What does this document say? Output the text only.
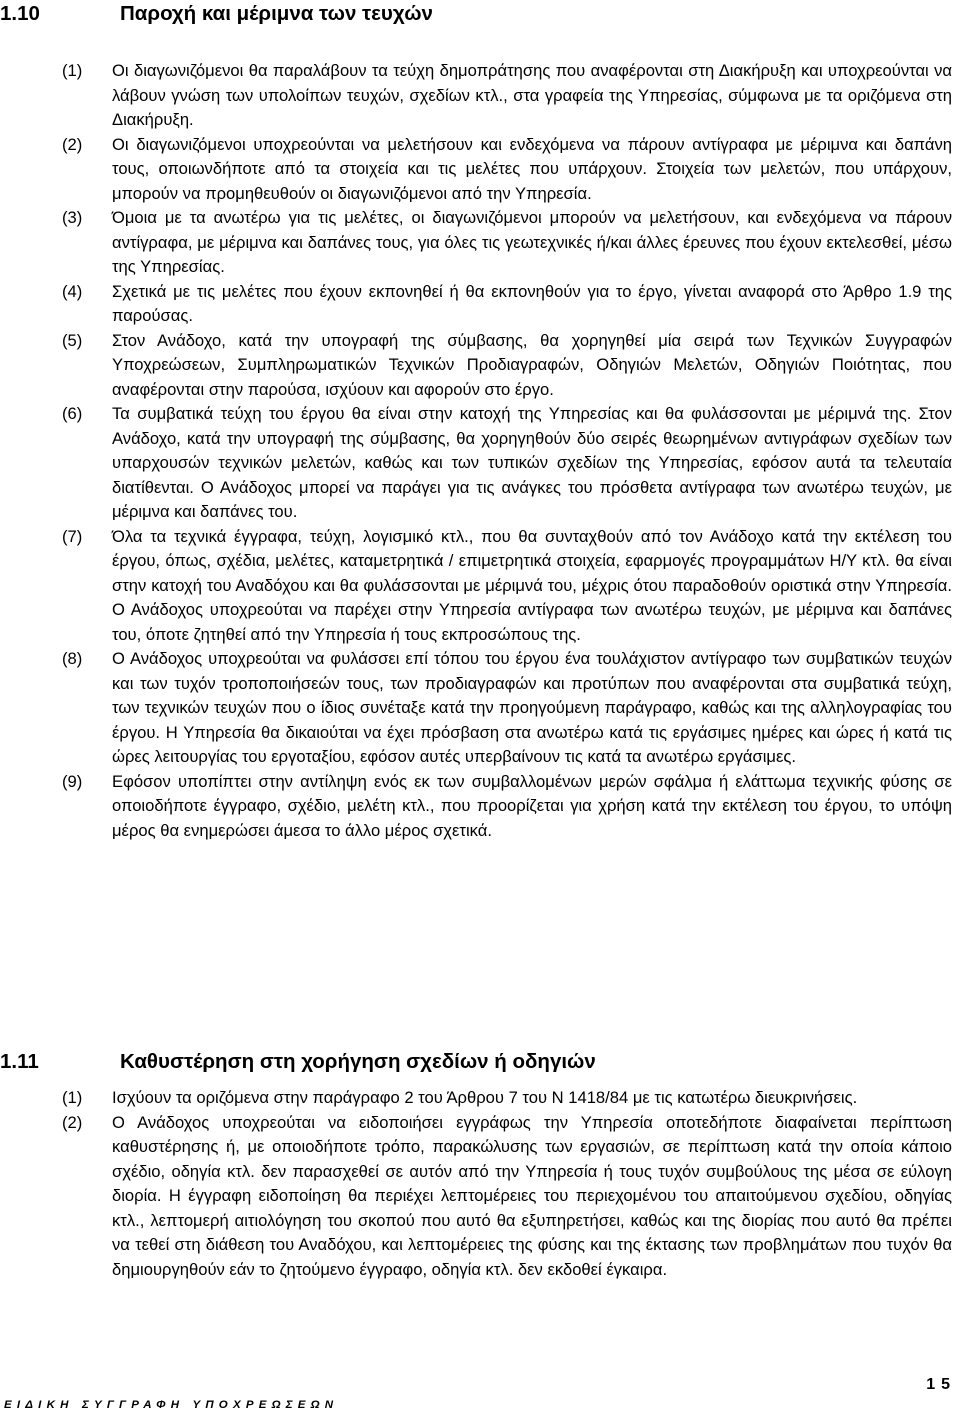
1.10	Παροχή και μέριμνα των τευχών
(1) Οι διαγωνιζόμενοι θα παραλάβουν τα τεύχη δημοπράτησης που αναφέρονται στη Διακήρυξη και υποχρεούνται να λάβουν γνώση των υπολοίπων τευχών, σχεδίων κτλ., στα γραφεία της Υπηρεσίας, σύμφωνα με τα οριζόμενα στη Διακήρυξη.
(2) Οι διαγωνιζόμενοι υποχρεούνται να μελετήσουν και ενδεχόμενα να πάρουν αντίγραφα με μέριμνα και δαπάνη τους, οποιωνδήποτε από τα στοιχεία και τις μελέτες που υπάρχουν. Στοιχεία των μελετών, που υπάρχουν, μπορούν να προμηθευθούν οι διαγωνιζόμενοι από την Υπηρεσία.
(3) Όμοια με τα ανωτέρω για τις μελέτες, οι διαγωνιζόμενοι μπορούν να μελετήσουν, και ενδεχόμενα να πάρουν αντίγραφα, με μέριμνα και δαπάνες τους, για όλες τις γεωτεχνικές ή/και άλλες έρευνες που έχουν εκτελεσθεί, μέσω της Υπηρεσίας.
(4) Σχετικά με τις μελέτες που έχουν εκπονηθεί ή θα εκπονηθούν για το έργο, γίνεται αναφορά στο Άρθρο 1.9 της παρούσας.
(5) Στον Ανάδοχο, κατά την υπογραφή της σύμβασης, θα χορηγηθεί μία σειρά των Τεχνικών Συγγραφών Υποχρεώσεων, Συμπληρωματικών Τεχνικών Προδιαγραφών, Οδηγιών Μελετών, Οδηγιών Ποιότητας, που αναφέρονται στην παρούσα, ισχύουν και αφορούν στο έργο.
(6) Τα συμβατικά τεύχη του έργου θα είναι στην κατοχή της Υπηρεσίας και θα φυλάσσονται με μέριμνά της. Στον Ανάδοχο, κατά την υπογραφή της σύμβασης, θα χορηγηθούν δύο σειρές θεωρημένων αντιγράφων σχεδίων των υπαρχουσών τεχνικών μελετών, καθώς και των τυπικών σχεδίων της Υπηρεσίας, εφόσον αυτά τα τελευταία διατίθενται. Ο Ανάδοχος μπορεί να παράγει για τις ανάγκες του πρόσθετα αντίγραφα των ανωτέρω τευχών, με μέριμνα και δαπάνες του.
(7) Όλα τα τεχνικά έγγραφα, τεύχη, λογισμικό κτλ., που θα συνταχθούν από τον Ανάδοχο κατά την εκτέλεση του έργου, όπως, σχέδια, μελέτες, καταμετρητικά / επιμετρητικά στοιχεία, εφαρμογές προγραμμάτων Η/Υ κτλ. θα είναι στην κατοχή του Αναδόχου και θα φυλάσσονται με μέριμνά του, μέχρις ότου παραδοθούν οριστικά στην Υπηρεσία. Ο Ανάδοχος υποχρεούται να παρέχει στην Υπηρεσία αντίγραφα των ανωτέρω τευχών, με μέριμνα και δαπάνες του, όποτε ζητηθεί από την Υπηρεσία ή τους εκπροσώπους της.
(8) Ο Ανάδοχος υποχρεούται να φυλάσσει επί τόπου του έργου ένα τουλάχιστον αντίγραφο των συμβατικών τευχών και των τυχόν τροποποιήσεών τους, των προδιαγραφών και προτύπων που αναφέρονται στα συμβατικά τεύχη, των τεχνικών τευχών που ο ίδιος συνέταξε κατά την προηγούμενη παράγραφο, καθώς και της αλληλογραφίας του έργου. Η Υπηρεσία θα δικαιούται να έχει πρόσβαση στα ανωτέρω κατά τις εργάσιμες ημέρες και ώρες ή κατά τις ώρες λειτουργίας του εργοταξίου, εφόσον αυτές υπερβαίνουν τις κατά τα ανωτέρω εργάσιμες.
(9) Εφόσον υποπίπτει στην αντίληψη ενός εκ των συμβαλλομένων μερών σφάλμα ή ελάττωμα τεχνικής φύσης σε οποιοδήποτε έγγραφο, σχέδιο, μελέτη κτλ., που προορίζεται για χρήση κατά την εκτέλεση του έργου, το υπόψη μέρος θα ενημερώσει άμεσα το άλλο μέρος σχετικά.
1.11	Καθυστέρηση στη χορήγηση σχεδίων ή οδηγιών
(1) Ισχύουν τα οριζόμενα στην παράγραφο 2 του Άρθρου 7 του Ν 1418/84 με τις κατωτέρω διευκρινήσεις.
(2) Ο Ανάδοχος υποχρεούται να ειδοποιήσει εγγράφως την Υπηρεσία οποτεδήποτε διαφαίνεται περίπτωση καθυστέρησης ή, με οποιοδήποτε τρόπο, παρακώλυσης των εργασιών, σε περίπτωση κατά την οποία κάποιο σχέδιο, οδηγία κτλ. δεν παρασχεθεί σε αυτόν από την Υπηρεσία ή τους τυχόν συμβούλους της μέσα σε εύλογη διορία. Η έγγραφη ειδοποίηση θα περιέχει λεπτομέρειες του περιεχομένου του απαιτούμενου σχεδίου, οδηγίας κτλ., λεπτομερή αιτιολόγηση του σκοπού που αυτό θα εξυπηρετήσει, καθώς και της διορίας που αυτό θα πρέπει να τεθεί στη διάθεση του Αναδόχου, και λεπτομέρειες της φύσης και της έκτασης των προβλημάτων που τυχόν θα δημιουργηθούν εάν το ζητούμενο έγγραφο, οδηγία κτλ. δεν εκδοθεί έγκαιρα.
15
ΕΙΔΙΚΗ ΣΥΓΓΡΑΦΗ ΥΠΟΧΡΕΩΣΕΩΝ
